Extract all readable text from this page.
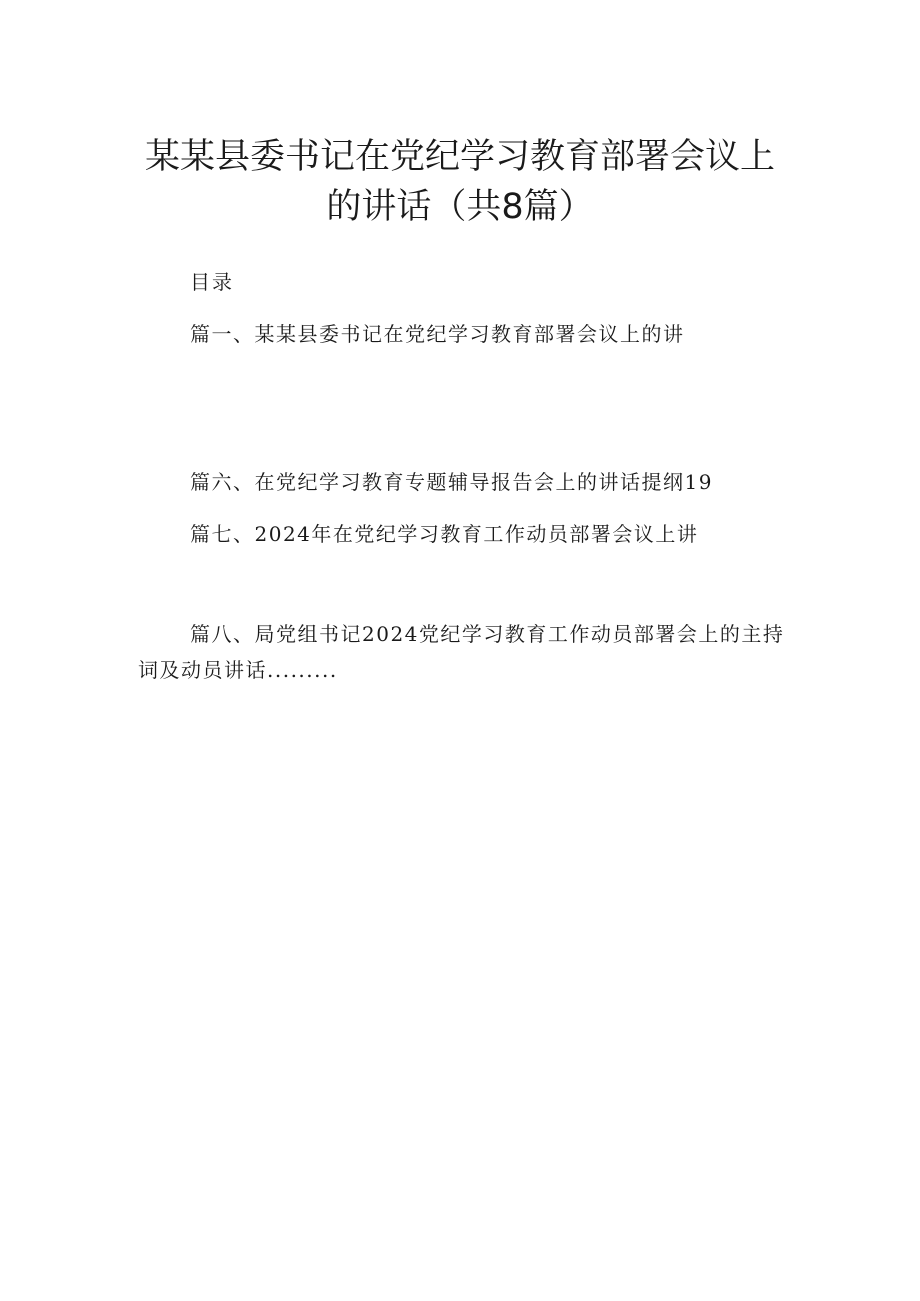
某某县委书记在党纪学习教育部署会议上
的讲话（共8篇）
目录
篇一、某某县委书记在党纪学习教育部署会议上的讲
篇六、在党纪学习教育专题辅导报告会上的讲话提纲19
篇七、2024年在党纪学习教育工作动员部署会议上讲
篇八、局党组书记2024党纪学习教育工作动员部署会上的主持词及动员讲话.........
